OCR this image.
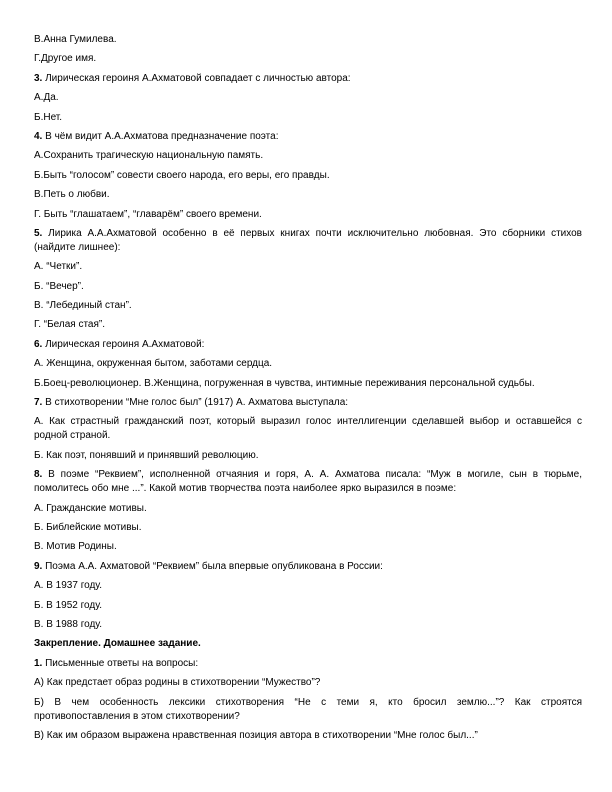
В.Анна Гумилева.

Г.Другое имя.

3. Лирическая героиня А.Ахматовой совпадает с личностью автора:

А.Да.

Б.Нет.

4. В чём видит А.А.Ахматова предназначение поэта:

А.Сохранить трагическую национальную память.

Б.Быть “голосом” совести своего народа, его веры, его правды.

В.Петь о любви.

Г. Быть “глашатаем”, “главарём” своего времени.

5. Лирика А.А.Ахматовой особенно в её первых книгах почти исключительно любовная. Это сборники стихов
(найдите лишнее):

А. “Четки”.

Б. “Вечер”.

В. “Лебединый стан”.

Г. “Белая стая”.

6. Лирическая героиня А.Ахматовой:

А. Женщина, окруженная бытом, заботами сердца.

Б.Боец-революционер. В.Женщина, погруженная в чувства, интимные переживания персональной судьбы.

7. В стихотворении “Мне голос был” (1917) А. Ахматова выступала:

А. Как страстный гражданский поэт, который выразил голос интеллигенции сделавшей выбор и оставшейся с
родной страной.

Б. Как поэт, понявший и принявший революцию.

8. В поэме “Реквием”, исполненной отчаяния и горя, А. А. Ахматова писала: “Муж в могиле, сын в тюрьме,
помолитесь обо мне ...”. Какой мотив творчества поэта наиболее ярко выразился в поэме:

А. Гражданские мотивы.

Б. Библейские мотивы.

В. Мотив Родины.

9. Поэма А.А. Ахматовой “Реквием” была впервые опубликована в России:

А. В 1937 году.

Б. В 1952 году.

В. В 1988 году.

Закрепление. Домашнее задание.

1. Письменные ответы на вопросы:

А) Как предстает образ родины в стихотворении “Мужество”?

Б) В чем особенность лексики стихотворения “Не с теми я, кто бросил землю...”? Как строятся
противопоставления в этом стихотворении?

В) Как им образом выражена нравственная позиция автора в стихотворении “Мне голос был...”
